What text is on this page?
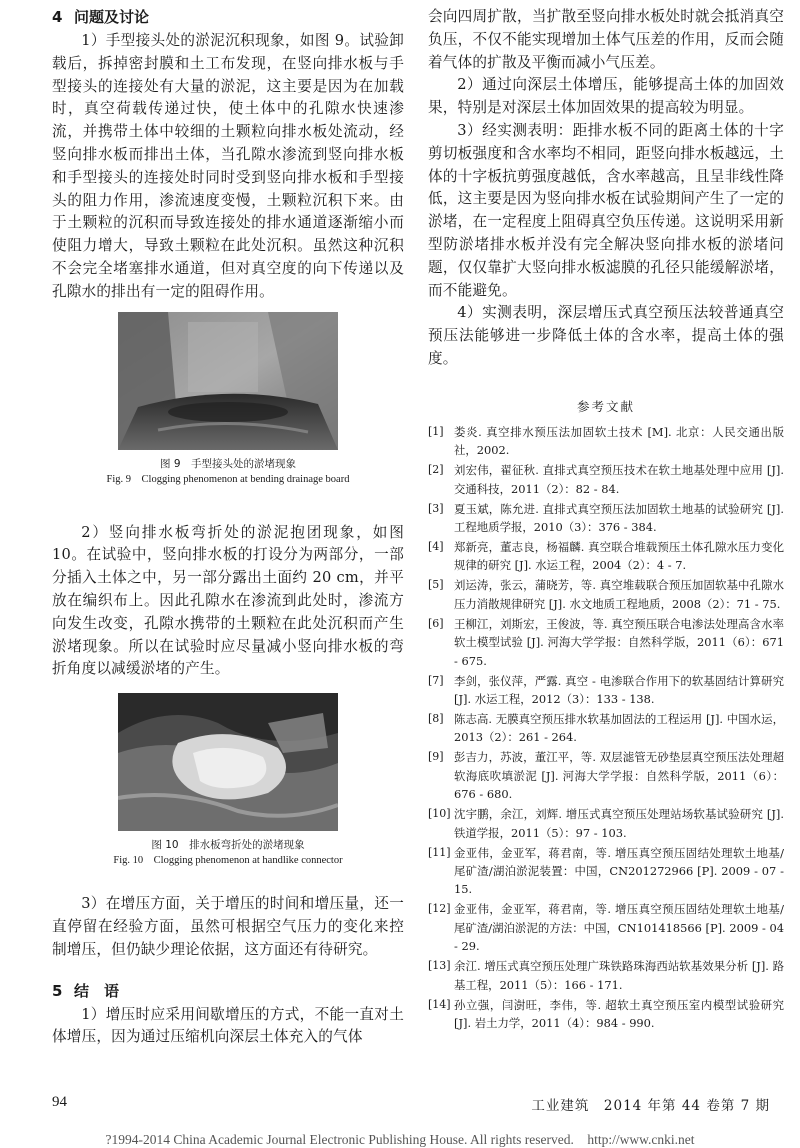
4 问题及讨论

1）手型接头处的淤泥沉积现象，如图 9。试验卸载后，拆掉密封膜和土工布发现，在竖向排水板与手型接头的连接处有大量的淤泥，这主要是因为在加载时，真空荷载传递过快，使土体中的孔隙水快速渗流，并携带土体中较细的土颗粒向排水板处流动，经竖向排水板而排出土体，当孔隙水渗流到竖向排水板和手型接头的连接处时同时受到竖向排水板和手型接头的阻力作用，渗流速度变慢，土颗粒沉积下来。由于土颗粒的沉积而导致连接处的排水通道逐渐缩小而使阻力增大，导致土颗粒在此处沉积。虽然这种沉积不会完全堵塞排水通道，但对真空度的向下传递以及孔隙水的排出有一定的阻碍作用。

图 9　手型接头处的淤堵现象
Fig. 9　Clogging phenomenon at bending drainage board

2）竖向排水板弯折处的淤泥抱团现象，如图 10。在试验中，竖向排水板的打设分为两部分，一部分插入土体之中，另一部分露出土面约 20 cm，并平放在编织布上。因此孔隙水在渗流到此处时，渗流方向发生改变，孔隙水携带的土颗粒在此处沉积而产生淤堵现象。所以在试验时应尽量减小竖向排水板的弯折角度以减缓淤堵的产生。

图 10　排水板弯折处的淤堵现象
Fig. 10　Clogging phenomenon at handlike connector

3）在增压方面，关于增压的时间和增压量，还一直停留在经验方面，虽然可根据空气压力的变化来控制增压，但仍缺少理论依据，这方面还有待研究。

5 结　语

1）增压时应采用间歇增压的方式，不能一直对土体增压，因为通过压缩机向深层土体充入的气体

会向四周扩散，当扩散至竖向排水板处时就会抵消真空负压，不仅不能实现增加土体气压差的作用，反而会随着气体的扩散及平衡而减小气压差。

2）通过向深层土体增压，能够提高土体的加固效果，特别是对深层土体加固效果的提高较为明显。

3）经实测表明：距排水板不同的距离土体的十字剪切板强度和含水率均不相同，距竖向排水板越远，土体的十字板抗剪强度越低，含水率越高，且呈非线性降低，这主要是因为竖向排水板在试验期间产生了一定的淤堵，在一定程度上阻碍真空负压传递。这说明采用新型防淤堵排水板并没有完全解决竖向排水板的淤堵问题，仅仅靠扩大竖向排水板滤膜的孔径只能缓解淤堵，而不能避免。

4）实测表明，深层增压式真空预压法较普通真空预压法能够进一步降低土体的含水率，提高土体的强度。

参考文献
[1] 娄炎. 真空排水预压法加固软土技术 [M]. 北京：人民交通出版社，2002.
[2] 刘宏伟，翟征秋. 直排式真空预压技术在软土地基处理中应用 [J]. 交通科技，2011（2）：82 - 84.
[3] 夏玉斌，陈允进. 直排式真空预压法加固软土地基的试验研究 [J]. 工程地质学报，2010（3）：376 - 384.
[4] 郑新亮，董志良，杨福麟. 真空联合堆载预压土体孔隙水压力变化规律的研究 [J]. 水运工程，2004（2）：4 - 7.
[5] 刘运涛，张云，蒲晓芳，等. 真空堆载联合预压加固软基中孔隙水压力消散规律研究 [J]. 水文地质工程地质，2008（2）：71 - 75.
[6] 王柳江，刘斯宏，王俊波，等. 真空预压联合电渗法处理高含水率软土模型试验 [J]. 河海大学学报：自然科学版，2011（6）：671 - 675.
[7] 李剑，张仪萍，严露. 真空 - 电渗联合作用下的软基固结计算研究 [J]. 水运工程，2012（3）：133 - 138.
[8] 陈志高. 无膜真空预压排水软基加固法的工程运用 [J]. 中国水运，2013（2）：261 - 264.
[9] 彭吉力，苏波，董江平，等. 双层滤管无砂垫层真空预压法处理超软海底吹填淤泥 [J]. 河海大学学报：自然科学版，2011（6）：676 - 680.
[10] 沈宇鹏，余江，刘辉. 增压式真空预压处理站场软基试验研究 [J]. 铁道学报，2011（5）：97 - 103.
[11] 金亚伟，金亚军，蒋君南，等. 增压真空预压固结处理软土地基/尾矿渣/湖泊淤泥装置：中国，CN201272966 [P]. 2009 - 07 - 15.
[12] 金亚伟，金亚军，蒋君南，等. 增压真空预压固结处理软土地基/尾矿渣/湖泊淤泥的方法：中国，CN101418566 [P]. 2009 - 04 - 29.
[13] 余江. 增压式真空预压处理广珠铁路珠海西站软基效果分析 [J]. 路基工程，2011（5）：166 - 171.
[14] 孙立强，闫澍旺，李伟，等. 超软土真空预压室内模型试验研究 [J]. 岩土力学，2011（4）：984 - 990.
94	工业建筑　2014 年第 44 卷第 7 期
?1994-2014 China Academic Journal Electronic Publishing House. All rights reserved.　http://www.cnki.net
